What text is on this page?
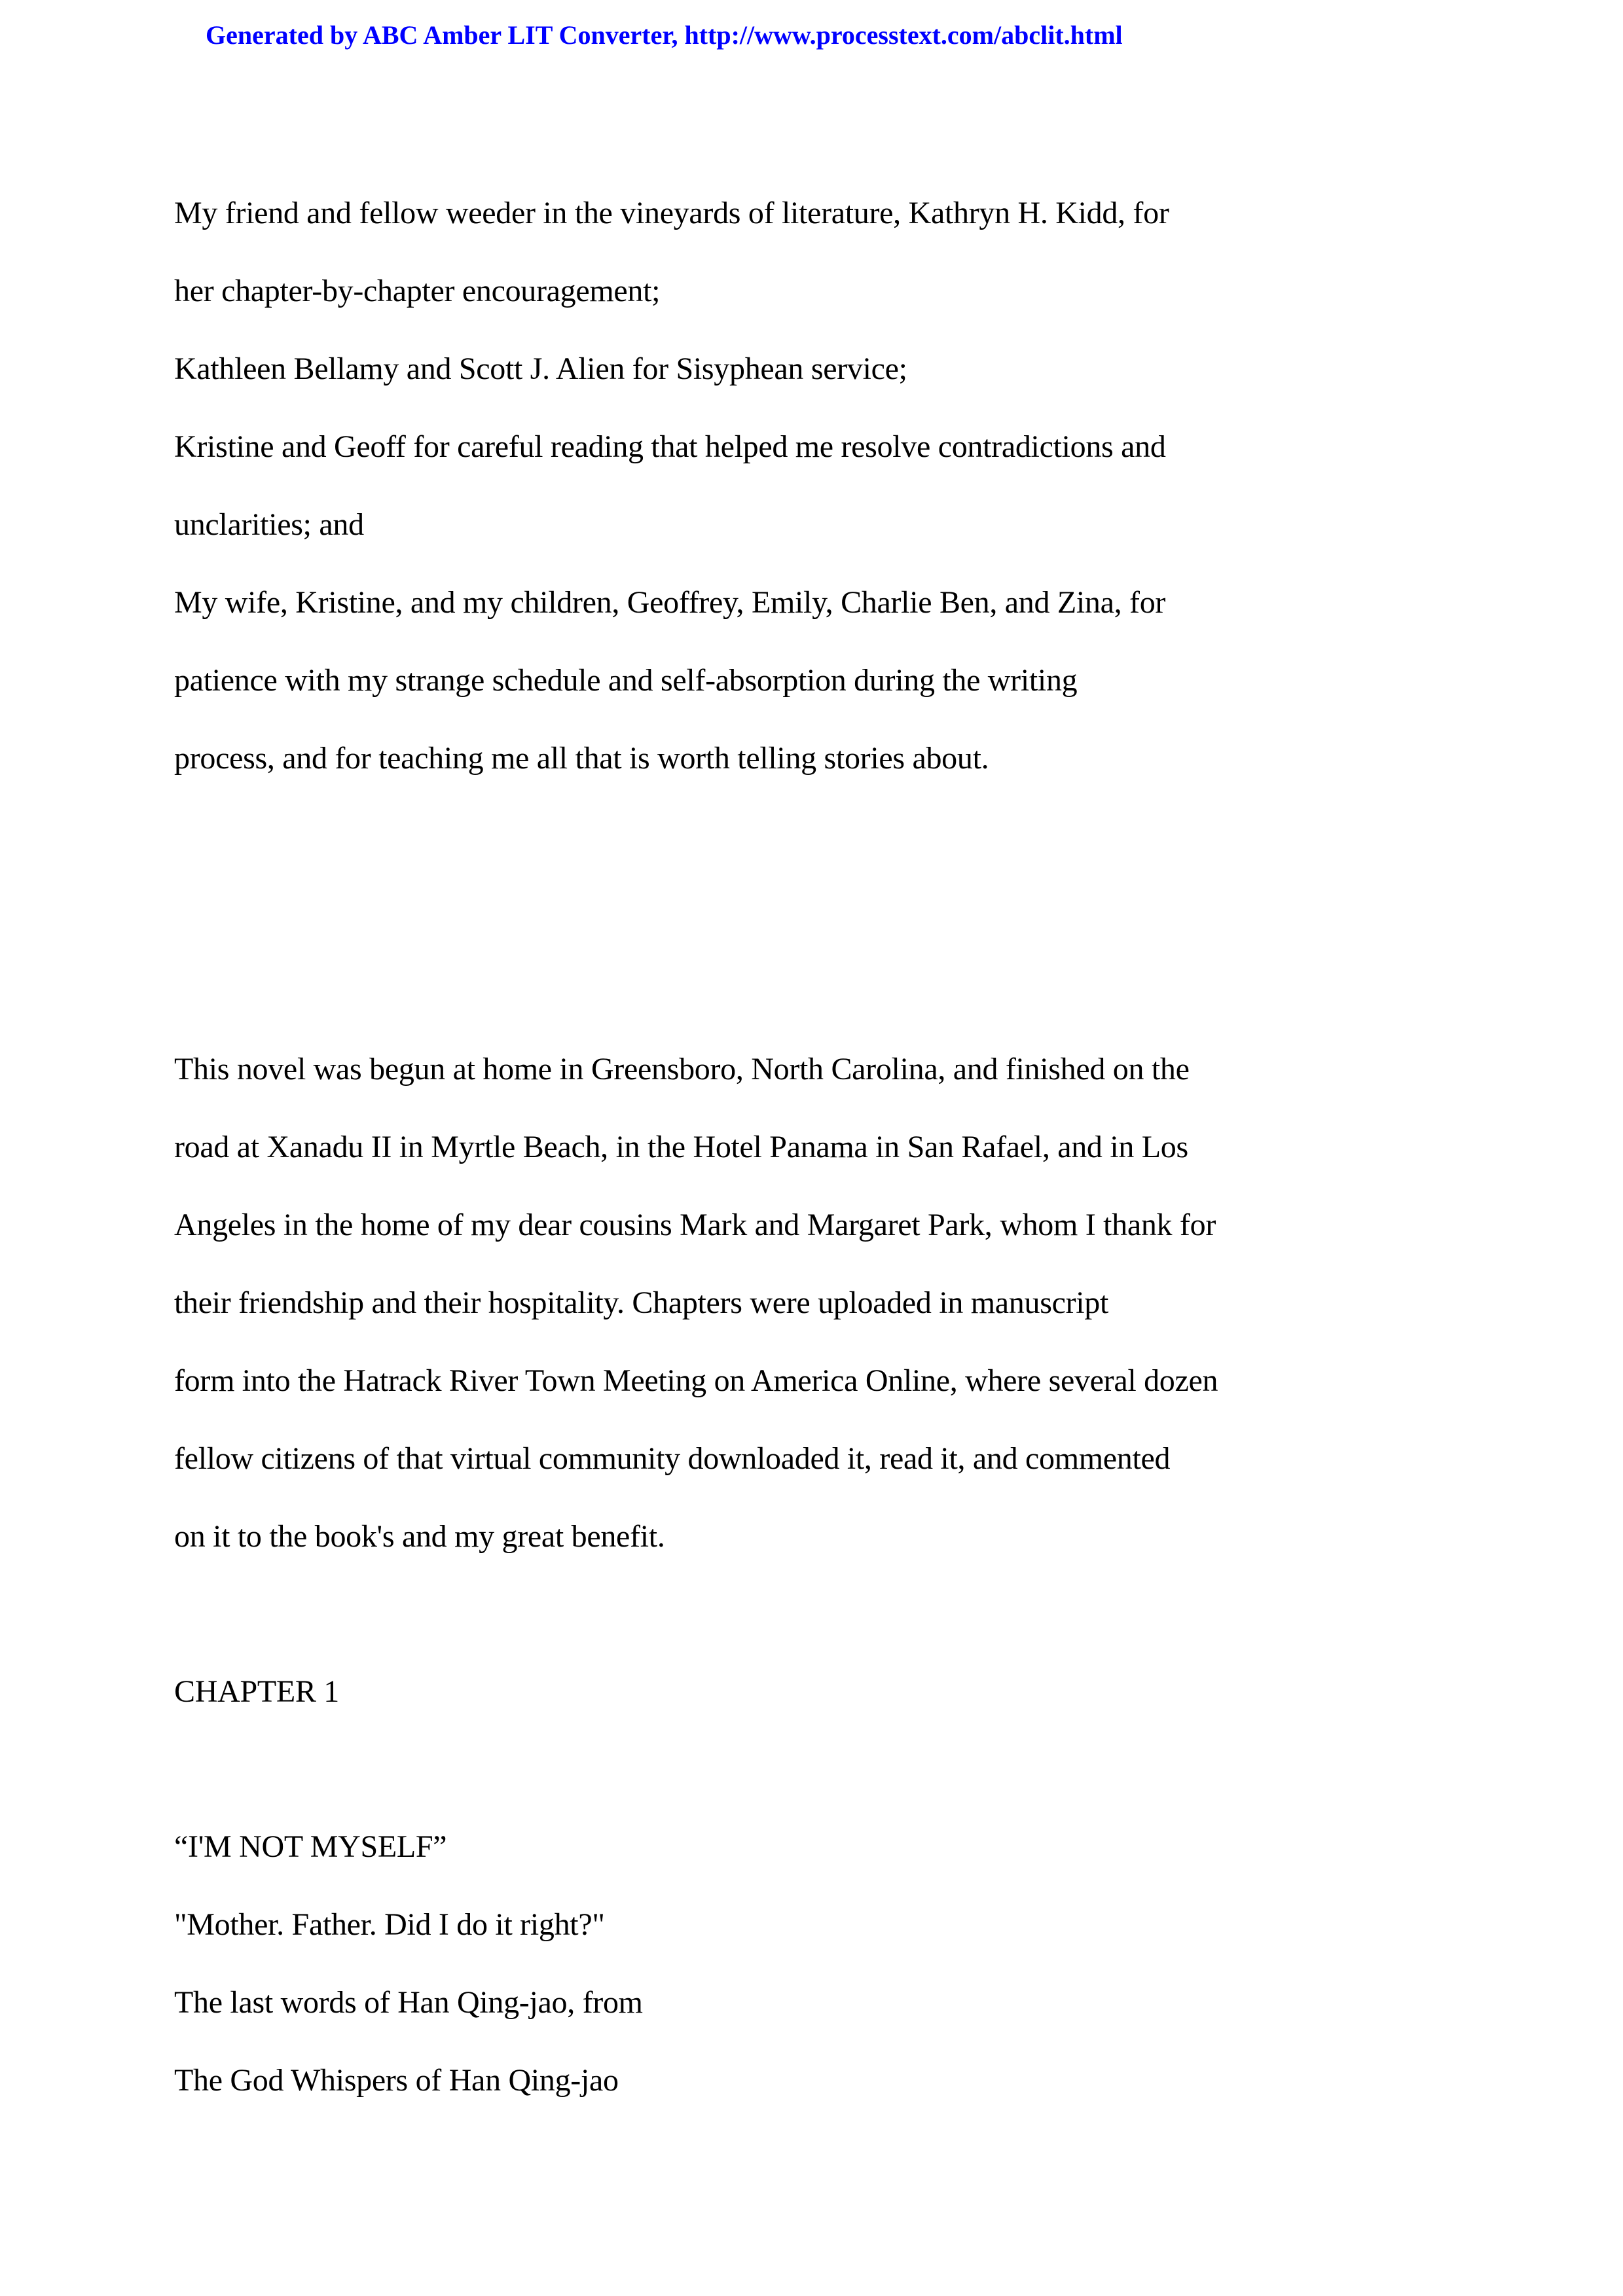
Generated by ABC Amber LIT Converter, http://www.processtext.com/abclit.html
My friend and fellow weeder in the vineyards of literature, Kathryn H. Kidd, for
her chapter-by-chapter encouragement;
Kathleen Bellamy and Scott J. Alien for Sisyphean service;
Kristine and Geoff for careful reading that helped me resolve contradictions and
unclarities; and
My wife, Kristine, and my children, Geoffrey, Emily, Charlie Ben, and Zina, for
patience with my strange schedule and self-absorption during the writing
process, and for teaching me all that is worth telling stories about.
This novel was begun at home in Greensboro, North Carolina, and finished on the
road at Xanadu II in Myrtle Beach, in the Hotel Panama in San Rafael, and in Los
Angeles in the home of my dear cousins Mark and Margaret Park, whom I thank for
their friendship and their hospitality. Chapters were uploaded in manuscript
form into the Hatrack River Town Meeting on America Online, where several dozen
fellow citizens of that virtual community downloaded it, read it, and commented
on it to the book's and my great benefit.
CHAPTER 1
“I'M NOT MYSELF”
"Mother. Father. Did I do it right?"
The last words of Han Qing-jao, from
The God Whispers of Han Qing-jao
